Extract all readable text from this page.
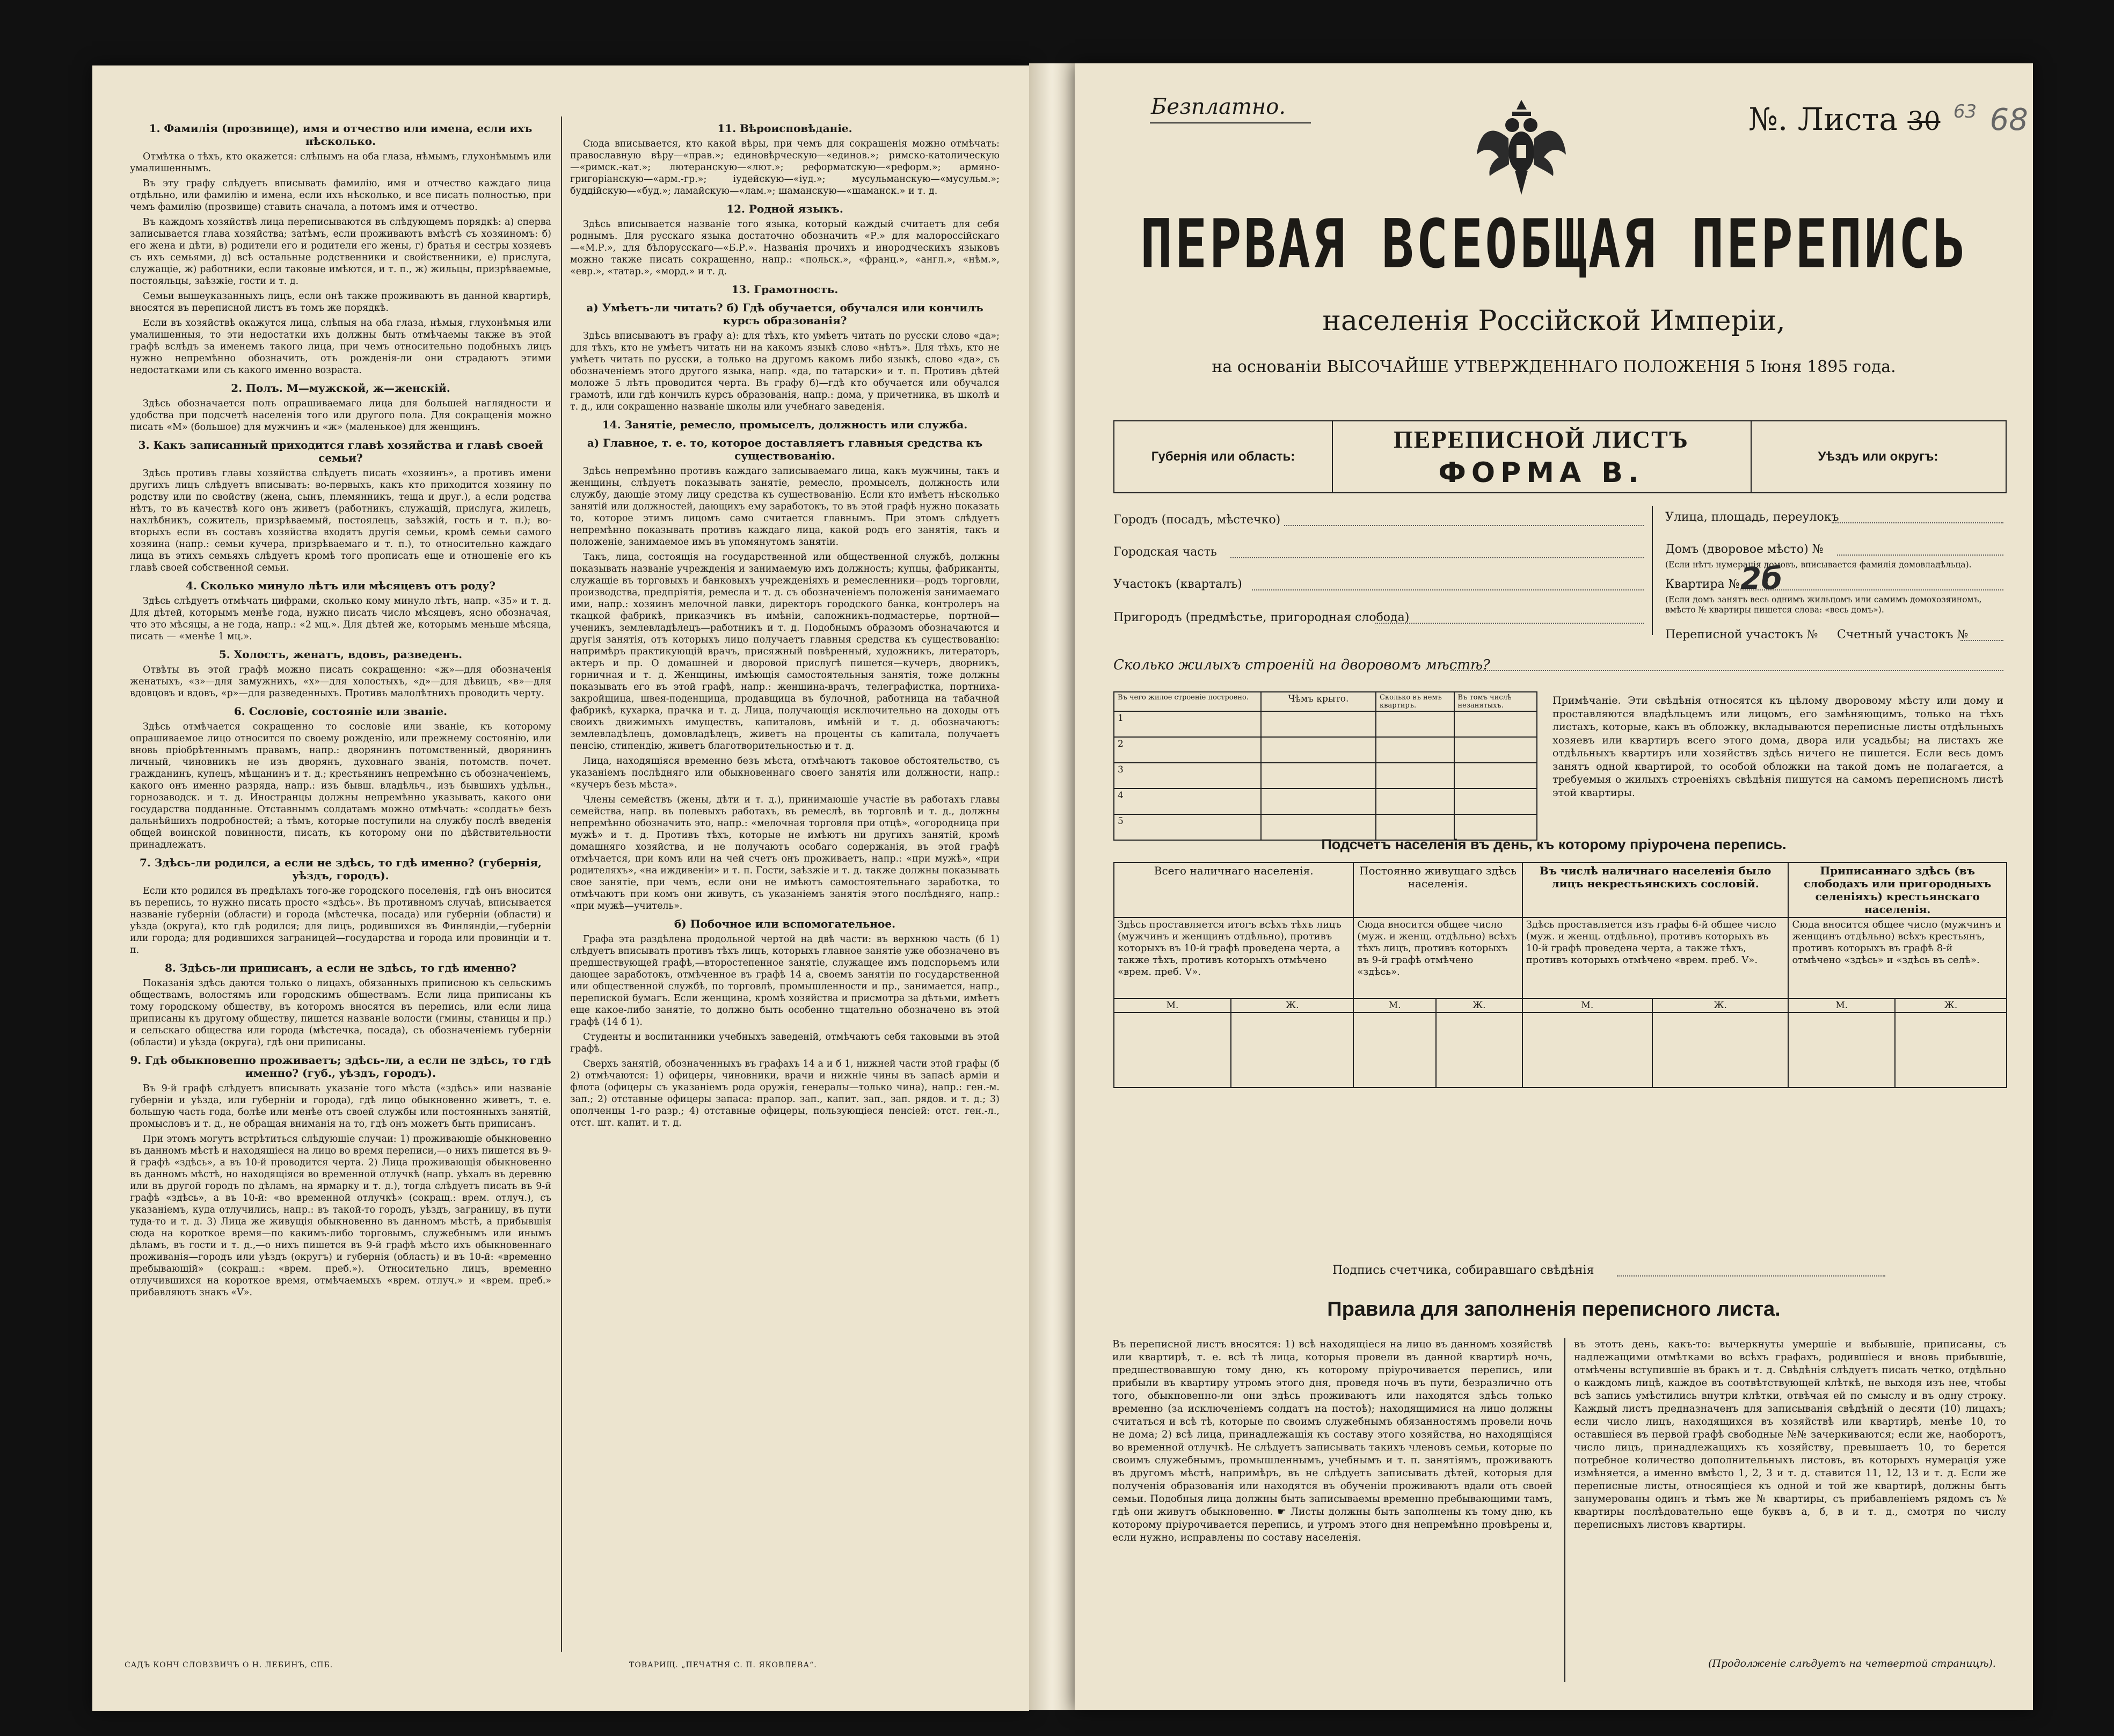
1. Фамилія (прозвище), имя и отчество или имена, если ихъ нѣсколько.

Отмѣтка о тѣхъ, кто окажется: слѣпымъ на оба глаза, нѣмымъ, глухонѣмымъ или умалишеннымъ.

Въ эту графу слѣдуетъ вписывать фамилію, имя и отчество каждаго лица отдѣльно, или фамилію и имена, если ихъ нѣсколько, и все писать полностью, при чемъ фамилію (прозвище) ставить сначала, а потомъ имя и отчество.

Въ каждомъ хозяйствѣ лица переписываются въ слѣдующемъ порядкѣ: а) сперва записывается глава хозяйства; затѣмъ, если проживаютъ вмѣстѣ съ хозяиномъ: б) его жена и дѣти, в) родители его и родители его жены, г) братья и сестры хозяевъ съ ихъ семьями, д) всѣ остальные родственники и свойственники, е) прислуга, служащіе, ж) работники, если таковые имѣются, и т. п., ж) жильцы, призрѣваемые, постояльцы, заѣзжіе, гости и т. д.

Семьи вышеуказанныхъ лицъ, если онѣ также проживаютъ въ данной квартирѣ, вносятся въ переписной листъ въ томъ же порядкѣ.

Если въ хозяйствѣ окажутся лица, слѣпыя на оба глаза, нѣмыя, глухонѣмыя или умалишенныя, то эти недостатки ихъ должны быть отмѣчаемы также въ этой графѣ вслѣдъ за именемъ такого лица, при чемъ относительно подобныхъ лицъ нужно непремѣнно обозначить, отъ рожденія-ли они страдаютъ этими недостатками или съ какого именно возраста.

2. Полъ. М—мужской, ж—женскій.

Здѣсь обозначается полъ опрашиваемаго лица для большей наглядности и удобства при подсчетѣ населенія того или другого пола. Для сокращенія можно писать «М» (большое) для мужчинъ и «ж» (маленькое) для женщинъ.

3. Какъ записанный приходится главѣ хозяйства и главѣ своей семьи?

Здѣсь противъ главы хозяйства слѣдуетъ писать «хозяинъ», а противъ имени другихъ лицъ слѣдуетъ вписывать: во-первыхъ, какъ кто приходится хозяину по родству или по свойству (жена, сынъ, племянникъ, теща и друг.), а если родства нѣтъ, то въ качествѣ кого онъ живетъ (работникъ, служащій, прислуга, жилецъ, нахлѣбникъ, сожитель, призрѣваемый, постоялецъ, заѣзжій, гость и т. п.); во-вторыхъ если въ составъ хозяйства входятъ другія семьи, кромѣ семьи самого хозяина (напр.: семьи кучера, призрѣваемаго и т. п.), то относительно каждаго лица въ этихъ семьяхъ слѣдуетъ кромѣ того прописать еще и отношеніе его къ главѣ своей собственной семьи.

4. Сколько минуло лѣтъ или мѣсяцевъ отъ роду?

Здѣсь слѣдуетъ отмѣчать цифрами, сколько кому минуло лѣтъ, напр. «35» и т. д. Для дѣтей, которымъ менѣе года, нужно писать число мѣсяцевъ, ясно обозначая, что это мѣсяцы, а не года, напр.: «2 мц.». Для дѣтей же, которымъ меньше мѣсяца, писать — «менѣе 1 мц.».

5. Холостъ, женатъ, вдовъ, разведенъ.

Отвѣты въ этой графѣ можно писать сокращенно: «ж»—для обозначенія женатыхъ, «з»—для замужнихъ, «х»—для холостыхъ, «д»—для дѣвицъ, «в»—для вдовцовъ и вдовъ, «р»—для разведенныхъ. Противъ малолѣтнихъ проводить черту.

6. Сословіе, состояніе или званіе.

Здѣсь отмѣчается сокращенно то сословіе или званіе, къ которому опрашиваемое лицо относится по своему рожденію, или прежнему состоянію, или вновь пріобрѣтеннымъ правамъ, напр.: дворянинъ потомственный, дворянинъ личный, чиновникъ не изъ дворянъ, духовнаго званія, потомств. почет. гражданинъ, купецъ, мѣщанинъ и т. д.; крестьянинъ непремѣнно съ обозначеніемъ, какого онъ именно разряда, напр.: изъ бывш. владѣльч., изъ бывшихъ удѣльн., горнозаводск. и т. д. Иностранцы должны непремѣнно указывать, какого они государства подданные. Отставнымъ солдатамъ можно отмѣчать: «солдатъ» безъ дальнѣйшихъ подробностей; а тѣмъ, которые поступили на службу послѣ введенія общей воинской повинности, писать, къ которому они по дѣйствительности принадлежатъ.

7. Здѣсь-ли родился, а если не здѣсь, то гдѣ именно? (губернія, уѣздъ, городъ).

Если кто родился въ предѣлахъ того-же городского поселенія, гдѣ онъ вносится въ перепись, то нужно писать просто «здѣсь». Въ противномъ случаѣ, вписывается названіе губерніи (области) и города (мѣстечка, посада) или губерніи (области) и уѣзда (округа), кто гдѣ родился; для лицъ, родившихся въ Финляндіи,—губерніи или города; для родившихся заграницей—государства и города или провинціи и т. п.

8. Здѣсь-ли приписанъ, а если не здѣсь, то гдѣ именно?

Показанія здѣсь даются только о лицахъ, обязанныхъ приписною къ сельскимъ обществамъ, волостямъ или городскимъ обществамъ. Если лица приписаны къ тому городскому обществу, въ которомъ вносятся въ перепись, или если лица приписаны къ другому обществу, пишется названіе волости (гмины, станицы и пр.) и сельскаго общества или города (мѣстечка, посада), съ обозначеніемъ губерніи (области) и уѣзда (округа), гдѣ они приписаны.

9. Гдѣ обыкновенно проживаетъ; здѣсь-ли, а если не здѣсь, то гдѣ именно? (губ., уѣздъ, городъ).

Въ 9-й графѣ слѣдуетъ вписывать указаніе того мѣста («здѣсь» или названіе губерніи и уѣзда, или губерніи и города), гдѣ лицо обыкновенно живетъ, т. е. большую часть года, болѣе или менѣе отъ своей службы или постоянныхъ занятій, промысловъ и т. д., не обращая вниманія на то, гдѣ онъ можетъ быть приписанъ.

При этомъ могутъ встрѣтиться слѣдующіе случаи: 1) проживающіе обыкновенно въ данномъ мѣстѣ и находящіеся на лицо во время переписи,—о нихъ пишется въ 9-й графѣ «здѣсь», а въ 10-й проводится черта. 2) Лица проживающія обыкновенно въ данномъ мѣстѣ, но находящіяся во временной отлучкѣ (напр. уѣхалъ въ деревню или въ другой городъ по дѣламъ, на ярмарку и т. д.), тогда слѣдуетъ писать въ 9-й графѣ «здѣсь», а въ 10-й: «во временной отлучкѣ» (сокращ.: врем. отлуч.), съ указаніемъ, куда отлучились, напр.: въ такой-то городъ, уѣздъ, заграницу, въ пути туда-то и т. д. 3) Лица же живущія обыкновенно въ данномъ мѣстѣ, а прибывшія сюда на короткое время—по какимъ-либо торговымъ, служебнымъ или инымъ дѣламъ, въ гости и т. д.,—о нихъ пишется въ 9-й графѣ мѣсто ихъ обыкновеннаго проживанія—городъ или уѣздъ (округъ) и губернія (область) и въ 10-й: «временно пребывающій» (сокращ.: «врем. преб.»). Относительно лицъ, временно отлучившихся на короткое время, отмѣчаемыхъ «врем. отлуч.» и «врем. преб.» прибавляютъ знакъ «V».

11. Вѣроисповѣданіе.

Сюда вписывается, кто какой вѣры, при чемъ для сокращенія можно отмѣчать: православную вѣру—«прав.»; единовѣрческую—«единов.»; римско-католическую—«римск.-кат.»; лютеранскую—«лют.»; реформатскую—«реформ.»; армяно-григоріанскую—«арм.-гр.»; іудейскую—«іуд.»; мусульманскую—«мусульм.»; буддійскую—«буд.»; ламайскую—«лам.»; шаманскую—«шаманск.» и т. д.

12. Родной языкъ.

Здѣсь вписывается названіе того языка, который каждый считаетъ для себя роднымъ. Для русскаго языка достаточно обозначить «Р.» для малороссійскаго—«М.Р.», для бѣлорусскаго—«Б.Р.». Названія прочихъ и инородческихъ языковъ можно также писать сокращенно, напр.: «польск.», «франц.», «англ.», «нѣм.», «евр.», «татар.», «морд.» и т. д.

13. Грамотность.
а) Умѣетъ-ли читать? б) Гдѣ обучается, обучался или кончилъ курсъ образованія?

Здѣсь вписываютъ въ графу а): для тѣхъ, кто умѣетъ читать по русски слово «да»; для тѣхъ, кто не умѣетъ читать ни на какомъ языкѣ слово «нѣтъ». Для тѣхъ, кто не умѣетъ читать по русски, а только на другомъ какомъ либо языкѣ, слово «да», съ обозначеніемъ этого другого языка, напр. «да, по татарски» и т. п. Противъ дѣтей моложе 5 лѣтъ проводится черта. Въ графу б)—гдѣ кто обучается или обучался грамотѣ, или гдѣ кончилъ курсъ образованія, напр.: дома, у причетника, въ школѣ и т. д., или сокращенно названіе школы или учебнаго заведенія.

14. Занятіе, ремесло, промыселъ, должность или служба.
а) Главное, т. е. то, которое доставляетъ главныя средства къ существованію.

Здѣсь непремѣнно противъ каждаго записываемаго лица, какъ мужчины, такъ и женщины, слѣдуетъ показывать занятіе, ремесло, промыселъ, должность или службу, дающіе этому лицу средства къ существованію. Если кто имѣетъ нѣсколько занятій или должностей, дающихъ ему заработокъ, то въ этой графѣ нужно показать то, которое этимъ лицомъ само считается главнымъ. При этомъ слѣдуетъ непремѣнно показывать противъ каждаго лица, какой родъ его занятія, такъ и положеніе, занимаемое имъ въ упомянутомъ занятіи.

Такъ, лица, состоящія на государственной или общественной службѣ, должны показывать названіе учрежденія и занимаемую имъ должность; купцы, фабриканты, служащіе въ торговыхъ и банковыхъ учрежденіяхъ и ремесленники—родъ торговли, производства, предпріятія, ремесла и т. д. съ обозначеніемъ положенія занимаемаго ими, напр.: хозяинъ мелочной лавки, директоръ городского банка, контролеръ на ткацкой фабрикѣ, приказчикъ въ имѣніи, сапожникъ-подмастерье, портной—ученикъ, землевладѣлецъ—работникъ и т. д. Подобнымъ образомъ обозначаются и другія занятія, отъ которыхъ лицо получаетъ главныя средства къ существованію: напримѣръ практикующій врачъ, присяжный повѣренный, художникъ, литераторъ, актеръ и пр. О домашней и дворовой прислугѣ пишется—кучеръ, дворникъ, горничная и т. д. Женщины, имѣющія самостоятельныя занятія, тоже должны показывать его въ этой графѣ, напр.: женщина-врачъ, телеграфистка, портниха-закройщица, швея-поденщица, продавщица въ булочной, работница на табачной фабрикѣ, кухарка, прачка и т. д. Лица, получающія исключительно на доходы отъ своихъ движимыхъ имуществъ, капиталовъ, имѣній и т. д. обозначаютъ: землевладѣлецъ, домовладѣлецъ, живетъ на проценты съ капитала, получаетъ пенсію, стипендію, живетъ благотворительностью и т. д.

Лица, находящіяся временно безъ мѣста, отмѣчаютъ таковое обстоятельство, съ указаніемъ послѣдняго или обыкновеннаго своего занятія или должности, напр.: «кучеръ безъ мѣста».

Члены семействъ (жены, дѣти и т. д.), принимающіе участіе въ работахъ главы семейства, напр. въ полевыхъ работахъ, въ ремеслѣ, въ торговлѣ и т. д., должны непремѣнно обозначить это, напр.: «мелочная торговля при отцѣ», «огородница при мужѣ» и т. д. Противъ тѣхъ, которые не имѣютъ ни другихъ занятій, кромѣ домашняго хозяйства, и не получаютъ особаго содержанія, въ этой графѣ отмѣчается, при комъ или на чей счетъ онъ проживаетъ, напр.: «при мужѣ», «при родителяхъ», «на иждивеніи» и т. п. Гости, заѣзжіе и т. д. также должны показывать свое занятіе, при чемъ, если они не имѣютъ самостоятельнаго заработка, то отмѣчаютъ при комъ они живутъ, съ указаніемъ занятія этого послѣдняго, напр.: «при мужѣ—учитель».

б) Побочное или вспомогательное.

Графа эта раздѣлена продольной чертой на двѣ части: въ верхнюю часть (б 1) слѣдуетъ вписывать противъ тѣхъ лицъ, которыхъ главное занятіе уже обозначено въ предшествующей графѣ,—второстепенное занятіе, служащее имъ подспорьемъ или дающее заработокъ, отмѣченное въ графѣ 14 а, своемъ занятіи по государственной или общественной службѣ, по торговлѣ, промышленности и пр., занимается, напр., перепиской бумагъ. Если женщина, кромѣ хозяйства и присмотра за дѣтьми, имѣетъ еще какое-либо занятіе, то должно быть особенно тщательно обозначено въ этой графѣ (14 б 1).

Студенты и воспитанники учебныхъ заведеній, отмѣчаютъ себя таковыми въ этой графѣ.

Сверхъ занятій, обозначенныхъ въ графахъ 14 а и б 1, нижней части этой графы (б 2) отмѣчаются: 1) офицеры, чиновники, врачи и нижніе чины въ запасѣ арміи и флота (офицеры съ указаніемъ рода оружія, генералы—только чина), напр.: ген.-м. зап.; 2) отставные офицеры запаса: прапор. зап., капит. зап., зап. рядов. и т. д.; 3) ополченцы 1-го разр.; 4) отставные офицеры, пользующіеся пенсіей: отст. ген.-л., отст. шт. капит. и т. д.

САДЪ КОНЧ СЛОВЗВИЧЪ О Н. ЛЕБИНЪ, СПБ.	ТОВАРИЩ. „ПЕЧАТНЯ С. П. ЯКОВЛЕВА“.
Безплатно.	№. Листа 30 $^{63}$ 68
ПЕРВАЯ ВСЕОБЩАЯ ПЕРЕПИСЬ
населенія Россійской Имперіи,
на основаніи ВЫСОЧАЙШЕ УТВЕРЖДЕННАГО ПОЛОЖЕНІЯ 5 Іюня 1895 года.
Губернія или область:
ПЕРЕПИСНОЙ ЛИСТЪ
ФОРМА В.	Уѣздъ или округъ:
Городъ (посадъ, мѣстечко)
Городская часть
Участокъ (кварталъ)
Пригородъ (предмѣстье, пригородная слобода)
Улица, площадь, переулокъ
Домъ (дворовое мѣсто) №
(Если нѣтъ нумерація домовъ, вписывается фамилія домовладѣльца).
Квартира № 2б
(Если домъ занятъ весь однимъ жильцомъ или самимъ домохозяиномъ, вмѣсто № квартиры пишется слова: «весь домъ»).
Переписной участокъ № Счетный участокъ №
Сколько жилыхъ строеній на дворовомъ мѣстѣ?
Въ чего жилое строеніе построено.	Чѣмъ крыто.	Сколько въ немъ квартиръ.	Въ томъ числѣ незанятыхъ.
1			
2			
3			
4			
5			
Примѣчаніе. Эти свѣдѣнія относятся къ цѣлому дворовому мѣсту или дому и проставляются владѣльцемъ или лицомъ, его замѣняющимъ, только на тѣхъ листахъ, которые, какъ въ обложку, вкладываются переписные листы отдѣльныхъ хозяевъ или квартиръ всего этого дома, двора или усадьбы; на листахъ же отдѣльныхъ квартиръ или хозяйствъ здѣсь ничего не пишется. Если весь домъ занятъ одной квартирой, то особой обложки на такой домъ не полагается, а требуемыя о жилыхъ строеніяхъ свѣдѣнія пишутся на самомъ переписномъ листѣ этой квартиры.
Подсчетъ населенія въ день, къ которому пріурочена перепись.
Всего наличнаго населенія.		Постоянно живущаго здѣсь населенія.		Въ числѣ наличнаго населенія было лицъ некрестьянскихъ сословій.		Приписаннаго здѣсь (въ слободахъ или пригородныхъ селеніяхъ) крестьянскаго населенія.	
Здѣсь проставляется итогъ всѣхъ тѣхъ лицъ (мужчинъ и женщинъ отдѣльно), противъ которыхъ въ 10-й графѣ проведена черта, а также тѣхъ, противъ которыхъ отмѣчено «врем. преб. V».		Сюда вносится общее число (муж. и женщ. отдѣльно) всѣхъ тѣхъ лицъ, противъ которыхъ въ 9-й графѣ отмѣчено «здѣсь».		Здѣсь проставляется изъ графы 6-й общее число (муж. и женщ. отдѣльно), противъ которыхъ въ 10-й графѣ проведена черта, а также тѣхъ, противъ которыхъ отмѣчено «врем. преб. V».		Сюда вносится общее число (мужчинъ и женщинъ отдѣльно) всѣхъ крестьянъ, противъ которыхъ въ графѣ 8-й отмѣчено «здѣсь» и «здѣсь въ селѣ».	
М.	Ж.	М.	Ж.	М.	Ж.	М.	Ж.

Подпись счетчика, собиравшаго свѣдѣнія
Правила для заполненія переписного листа.
Въ переписной листъ вносятся: 1) всѣ находящіеся на лицо въ данномъ хозяйствѣ или квартирѣ, т. е. всѣ тѣ лица, которыя провели въ данной квартирѣ ночь, предшествовавшую тому дню, къ которому пріурочивается перепись, или прибыли въ квартиру утромъ этого дня, проведя ночь въ пути, безразлично отъ того, обыкновенно-ли они здѣсь проживаютъ или находятся здѣсь только временно (за исключеніемъ солдатъ на постоѣ); находящимися на лицо должны считаться и всѣ тѣ, которые по своимъ служебнымъ обязанностямъ провели ночь не дома; 2) всѣ лица, принадлежащія къ составу этого хозяйства, но находящіяся во временной отлучкѣ. Не слѣдуетъ записывать такихъ членовъ семьи, которые по своимъ служебнымъ, промышленнымъ, учебнымъ и т. п. занятіямъ, проживаютъ въ другомъ мѣстѣ, напримѣръ, въ не слѣдуетъ записывать дѣтей, которыя для полученія образованія или находятся въ обученіи проживаютъ вдали отъ своей семьи. Подобныя лица должны быть записываемы временно пребывающими тамъ, гдѣ они живутъ обыкновенно. ☛ Листы должны быть заполнены къ тому дню, къ которому пріурочивается перепись, и утромъ этого дня непремѣнно провѣрены и, если нужно, исправлены по составу населенія.
въ этотъ день, какъ-то: вычеркнуты умершіе и выбывшіе, приписаны, съ надлежащими отмѣтками во всѣхъ графахъ, родившіеся и вновь прибывшіе, отмѣчены вступившіе въ бракъ и т. д. Свѣдѣнія слѣдуетъ писать четко, отдѣльно о каждомъ лицѣ, каждое въ соотвѣтствующей клѣткѣ, не выходя изъ нее, чтобы всѣ запись умѣстились внутри клѣтки, отвѣчая ей по смыслу и въ одну строку. Каждый листъ предназначенъ для записыванія свѣдѣній о десяти (10) лицахъ; если число лицъ, находящихся въ хозяйствѣ или квартирѣ, менѣе 10, то оставшіеся въ первой графѣ свободные №№ зачеркиваются; если же, наоборотъ, число лицъ, принадлежащихъ къ хозяйству, превышаетъ 10, то берется потребное количество дополнительныхъ листовъ, въ которыхъ нумерація уже измѣняется, а именно вмѣсто 1, 2, 3 и т. д. ставится 11, 12, 13 и т. д. Если же переписные листы, относящіеся къ одной и той же квартирѣ, должны быть занумерованы одинъ и тѣмъ же № квартиры, съ прибавленіемъ рядомъ съ № квартиры послѣдовательно еще буквъ а, б, в и т. д., смотря по числу переписныхъ листовъ квартиры.
(Продолженіе слѣдуетъ на четвертой страницѣ).
